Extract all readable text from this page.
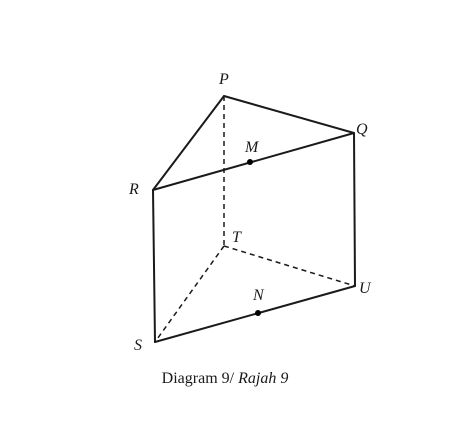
P
Q
R
S
T
U
M
N
Diagram 9/ Rajah 9
